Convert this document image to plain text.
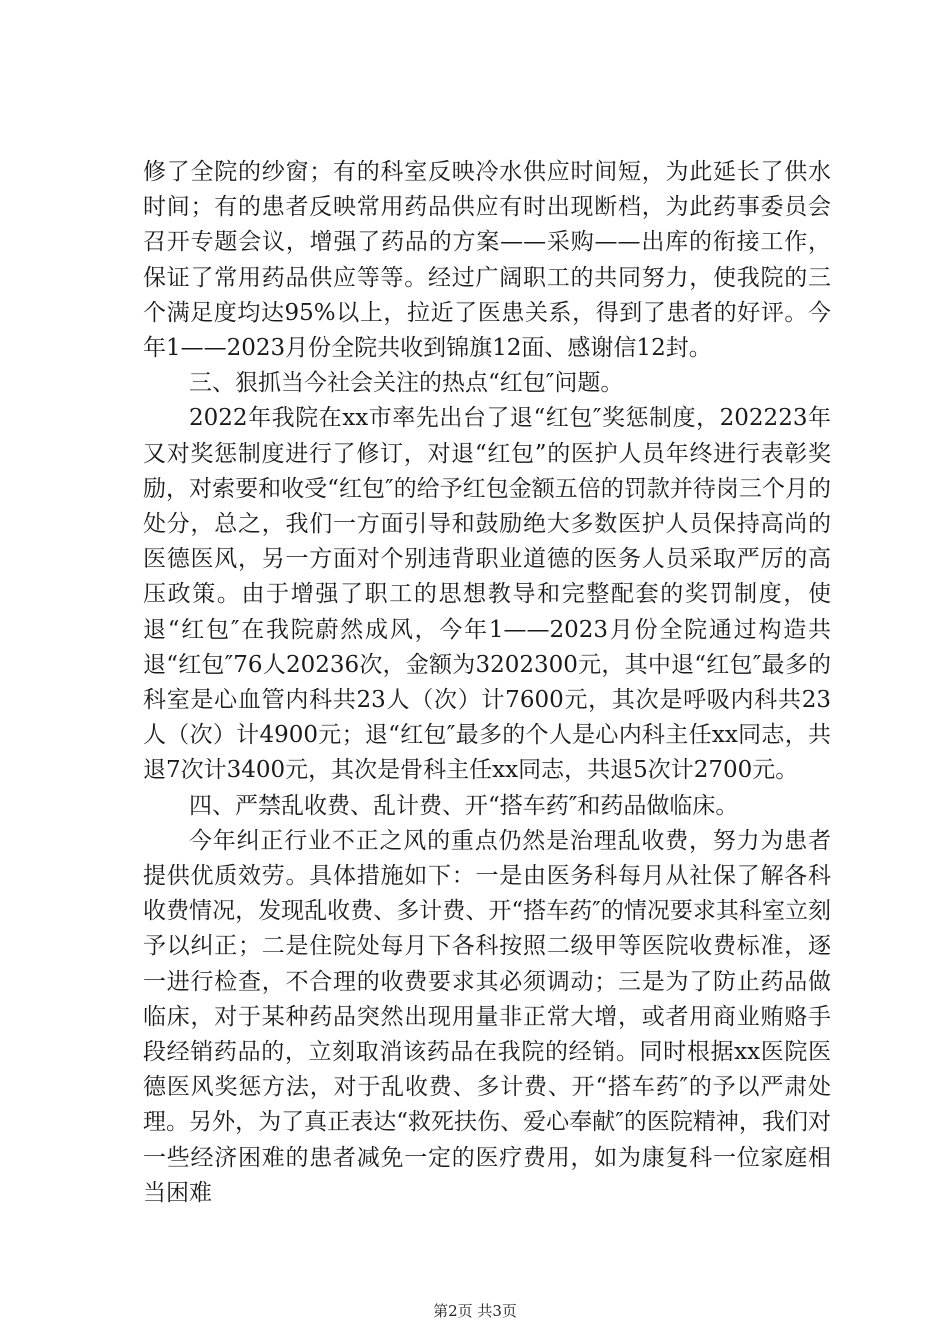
修了全院的纱窗；有的科室反映冷水供应时间短，为此延长了供水时间；有的患者反映常用药品供应有时出现断档，为此药事委员会召开专题会议，增强了药品的方案——采购——出库的衔接工作，保证了常用药品供应等等。经过广阔职工的共同努力，使我院的三个满足度均达95%以上，拉近了医患关系，得到了患者的好评。今年1——2023月份全院共收到锦旗12面、感谢信12封。

三、狠抓当今社会关注的热点“红包″问题。

2022年我院在xx市率先出台了退“红包″奖惩制度，202223年又对奖惩制度进行了修订，对退“红包”的医护人员年终进行表彰奖励，对索要和收受“红包″的给予红包金额五倍的罚款并待岗三个月的处分，总之，我们一方面引导和鼓励绝大多数医护人员保持高尚的医德医风，另一方面对个别违背职业道德的医务人员采取严厉的高压政策。由于增强了职工的思想教导和完整配套的奖罚制度，使退“红包″在我院蔚然成风，今年1——2023月份全院通过构造共退“红包″76人20236次，金额为3202300元，其中退“红包″最多的科室是心血管内科共23人（次）计7600元，其次是呼吸内科共23人（次）计4900元；退“红包″最多的个人是心内科主任xx同志，共退7次计3400元，其次是骨科主任xx同志，共退5次计2700元。

四、严禁乱收费、乱计费、开“搭车药″和药品做临床。

今年纠正行业不正之风的重点仍然是治理乱收费，努力为患者提供优质效劳。具体措施如下：一是由医务科每月从社保了解各科收费情况，发现乱收费、多计费、开“搭车药″的情况要求其科室立刻予以纠正；二是住院处每月下各科按照二级甲等医院收费标准，逐一进行检查，不合理的收费要求其必须调动；三是为了防止药品做临床，对于某种药品突然出现用量非正常大增，或者用商业贿赂手段经销药品的，立刻取消该药品在我院的经销。同时根据xx医院医德医风奖惩方法，对于乱收费、多计费、开“搭车药″的予以严肃处理。另外，为了真正表达“救死扶伤、爱心奉献″的医院精神，我们对一些经济困难的患者减免一定的医疗费用，如为康复科一位家庭相当困难

第2页 共3页
